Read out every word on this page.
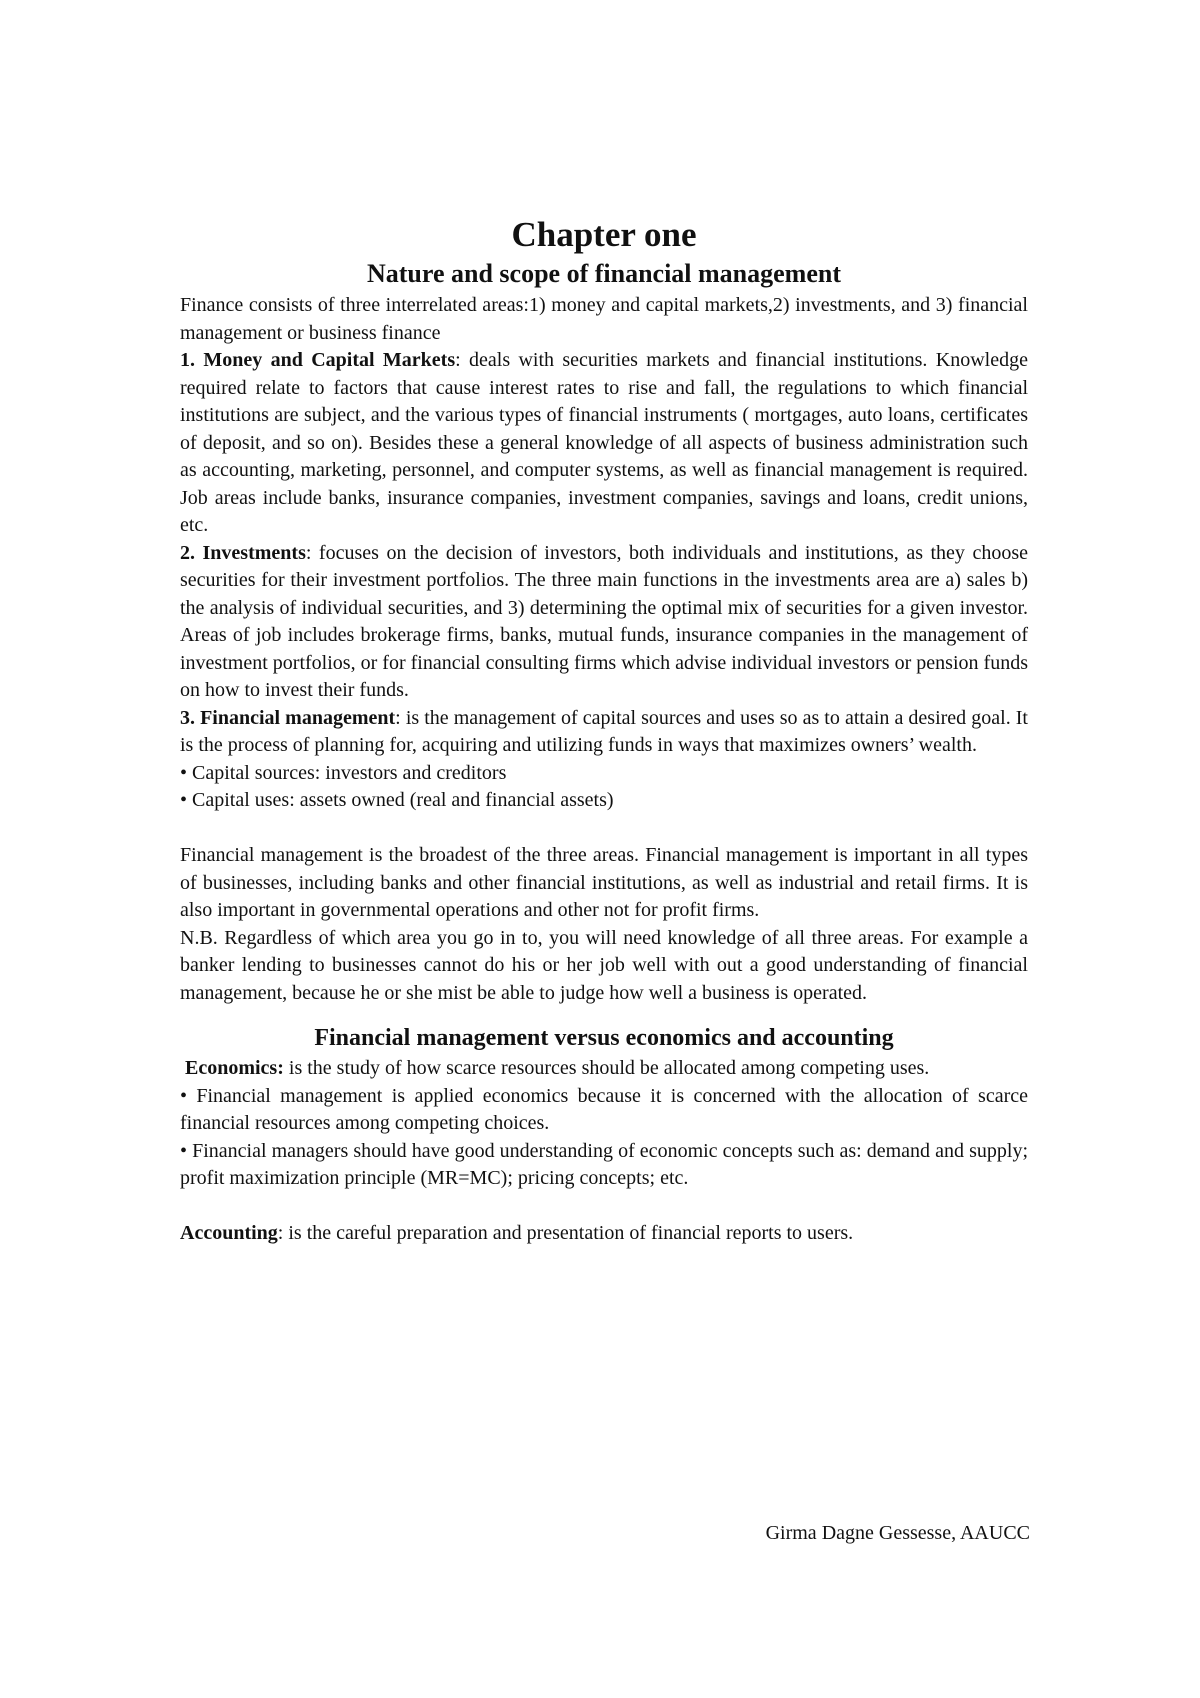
Chapter one
Nature and scope of financial management

Finance consists of three interrelated areas:1) money and capital markets,2) investments, and 3) financial management or business finance

1. Money and Capital Markets: deals with securities markets and financial institutions. Knowledge required relate to factors that cause interest rates to rise and fall, the regulations to which financial institutions are subject, and the various types of financial instruments ( mortgages, auto loans, certificates of deposit, and so on). Besides these a general knowledge of all aspects of business administration such as accounting, marketing, personnel, and computer systems, as well as financial management is required. Job areas include banks, insurance companies, investment companies, savings and loans, credit unions, etc.

2. Investments: focuses on the decision of investors, both individuals and institutions, as they choose securities for their investment portfolios. The three main functions in the investments area are a) sales b) the analysis of individual securities, and 3) determining the optimal mix of securities for a given investor. Areas of job includes brokerage firms, banks, mutual funds, insurance companies in the management of investment portfolios, or for financial consulting firms which advise individual investors or pension funds on how to invest their funds.

3. Financial management: is the management of capital sources and uses so as to attain a desired goal. It is the process of planning for, acquiring and utilizing funds in ways that maximizes owners’ wealth.

• Capital sources: investors and creditors

• Capital uses: assets owned (real and financial assets)

Financial management is the broadest of the three areas. Financial management is important in all types of businesses, including banks and other financial institutions, as well as industrial and retail firms. It is also important in governmental operations and other not for profit firms.

N.B. Regardless of which area you go in to, you will need knowledge of all three areas. For example a banker lending to businesses cannot do his or her job well with out a good understanding of financial management, because he or she mist be able to judge how well a business is operated.

Financial management versus economics and accounting

Economics: is the study of how scarce resources should be allocated among competing uses.

• Financial management is applied economics because it is concerned with the allocation of scarce financial resources among competing choices.

• Financial managers should have good understanding of economic concepts such as: demand and supply; profit maximization principle (MR=MC); pricing concepts; etc.

Accounting: is the careful preparation and presentation of financial reports to users.

Girma Dagne Gessesse, AAUCC
